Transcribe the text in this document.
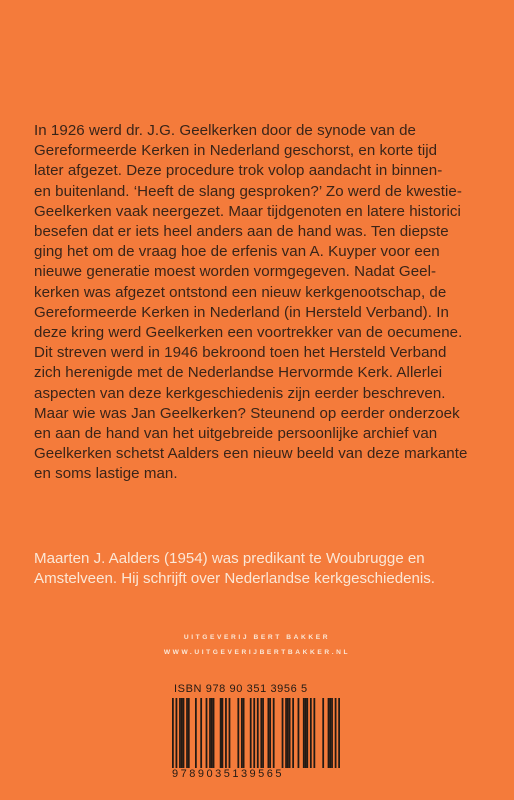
In 1926 werd dr. J.G. Geelkerken door de synode van de
Gereformeerde Kerken in Nederland geschorst, en korte tijd
later afgezet. Deze procedure trok volop aandacht in binnen-
en buitenland. ‘Heeft de slang gesproken?’ Zo werd de kwestie-
Geelkerken vaak neergezet. Maar tijdgenoten en latere historici
besefen dat er iets heel anders aan de hand was. Ten diepste
ging het om de vraag hoe de erfenis van A. Kuyper voor een
nieuwe generatie moest worden vormgegeven. Nadat Geel-
kerken was afgezet ontstond een nieuw kerkgenootschap, de
Gereformeerde Kerken in Nederland (in Hersteld Verband). In
deze kring werd Geelkerken een voortrekker van de oecumene.
Dit streven werd in 1946 bekroond toen het Hersteld Verband
zich herenigde met de Nederlandse Hervormde Kerk. Allerlei
aspecten van deze kerkgeschiedenis zijn eerder beschreven.
Maar wie was Jan Geelkerken? Steunend op eerder onderzoek
en aan de hand van het uitgebreide persoonlijke archief van
Geelkerken schetst Aalders een nieuw beeld van deze markante
en soms lastige man.
Maarten J. Aalders (1954) was predikant te Woubrugge en
Amstelveen. Hij schrijft over Nederlandse kerkgeschiedenis.
UITGEVERIJ BERT BAKKER
WWW.UITGEVERIJBERTBAKKER.NL
ISBN 978 90 351 3956 5
9789035139565
